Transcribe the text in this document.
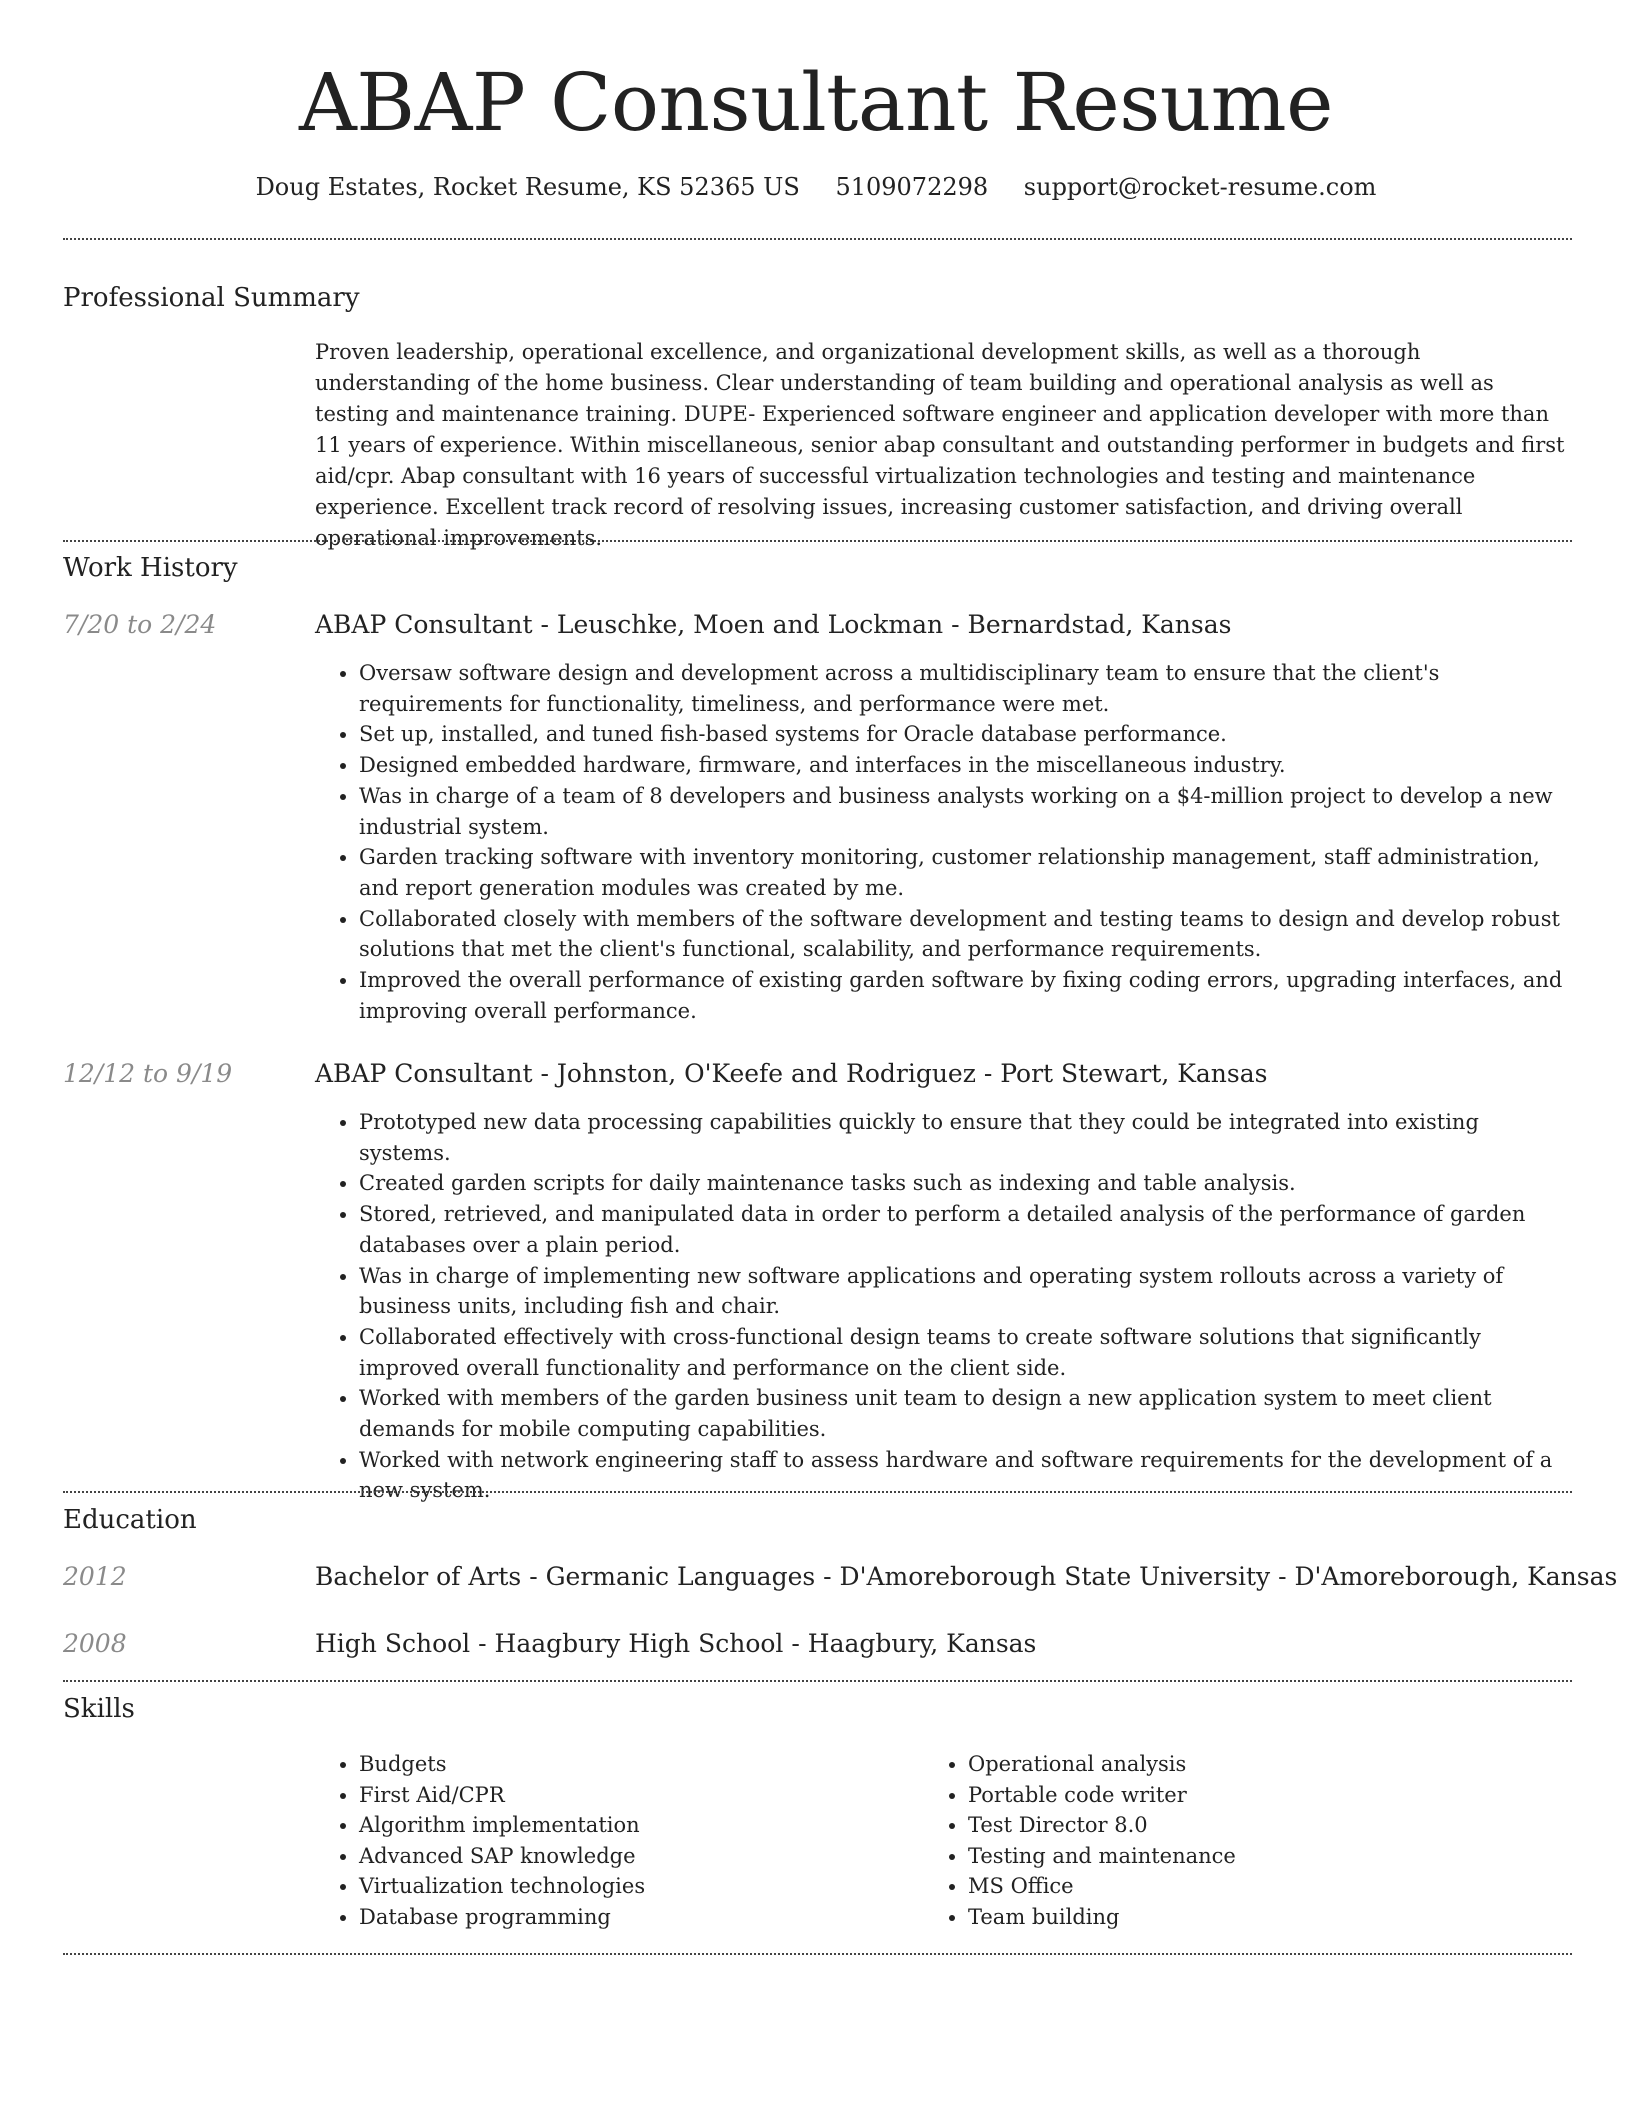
ABAP Consultant Resume
Doug Estates, Rocket Resume, KS 52365 US 5109072298 support@rocket-resume.com
Professional Summary
Proven leadership, operational excellence, and organizational development skills, as well as a thorough understanding of the home business. Clear understanding of team building and operational analysis as well as testing and maintenance training. DUPE- Experienced software engineer and application developer with more than 11 years of experience. Within miscellaneous, senior abap consultant and outstanding performer in budgets and first aid/cpr. Abap consultant with 16 years of successful virtualization technologies and testing and maintenance experience. Excellent track record of resolving issues, increasing customer satisfaction, and driving overall operational improvements.
Work History
7/20 to 2/24	ABAP Consultant - Leuschke, Moen and Lockman - Bernardstad, Kansas
• Oversaw software design and development across a multidisciplinary team to ensure that the client's requirements for functionality, timeliness, and performance were met.
• Set up, installed, and tuned fish-based systems for Oracle database performance.
• Designed embedded hardware, firmware, and interfaces in the miscellaneous industry.
• Was in charge of a team of 8 developers and business analysts working on a $4-million project to develop a new industrial system.
• Garden tracking software with inventory monitoring, customer relationship management, staff administration, and report generation modules was created by me.
• Collaborated closely with members of the software development and testing teams to design and develop robust solutions that met the client's functional, scalability, and performance requirements.
• Improved the overall performance of existing garden software by fixing coding errors, upgrading interfaces, and improving overall performance.
12/12 to 9/19	ABAP Consultant - Johnston, O'Keefe and Rodriguez - Port Stewart, Kansas
• Prototyped new data processing capabilities quickly to ensure that they could be integrated into existing systems.
• Created garden scripts for daily maintenance tasks such as indexing and table analysis.
• Stored, retrieved, and manipulated data in order to perform a detailed analysis of the performance of garden databases over a plain period.
• Was in charge of implementing new software applications and operating system rollouts across a variety of business units, including fish and chair.
• Collaborated effectively with cross-functional design teams to create software solutions that significantly improved overall functionality and performance on the client side.
• Worked with members of the garden business unit team to design a new application system to meet client demands for mobile computing capabilities.
• Worked with network engineering staff to assess hardware and software requirements for the development of a new system.
Education
2012	Bachelor of Arts - Germanic Languages - D'Amoreborough State University - D'Amoreborough, Kansas
2008	High School - Haagbury High School - Haagbury, Kansas
Skills
• Budgets
• First Aid/CPR
• Algorithm implementation
• Advanced SAP knowledge
• Virtualization technologies
• Database programming
• Operational analysis
• Portable code writer
• Test Director 8.0
• Testing and maintenance
• MS Office
• Team building
